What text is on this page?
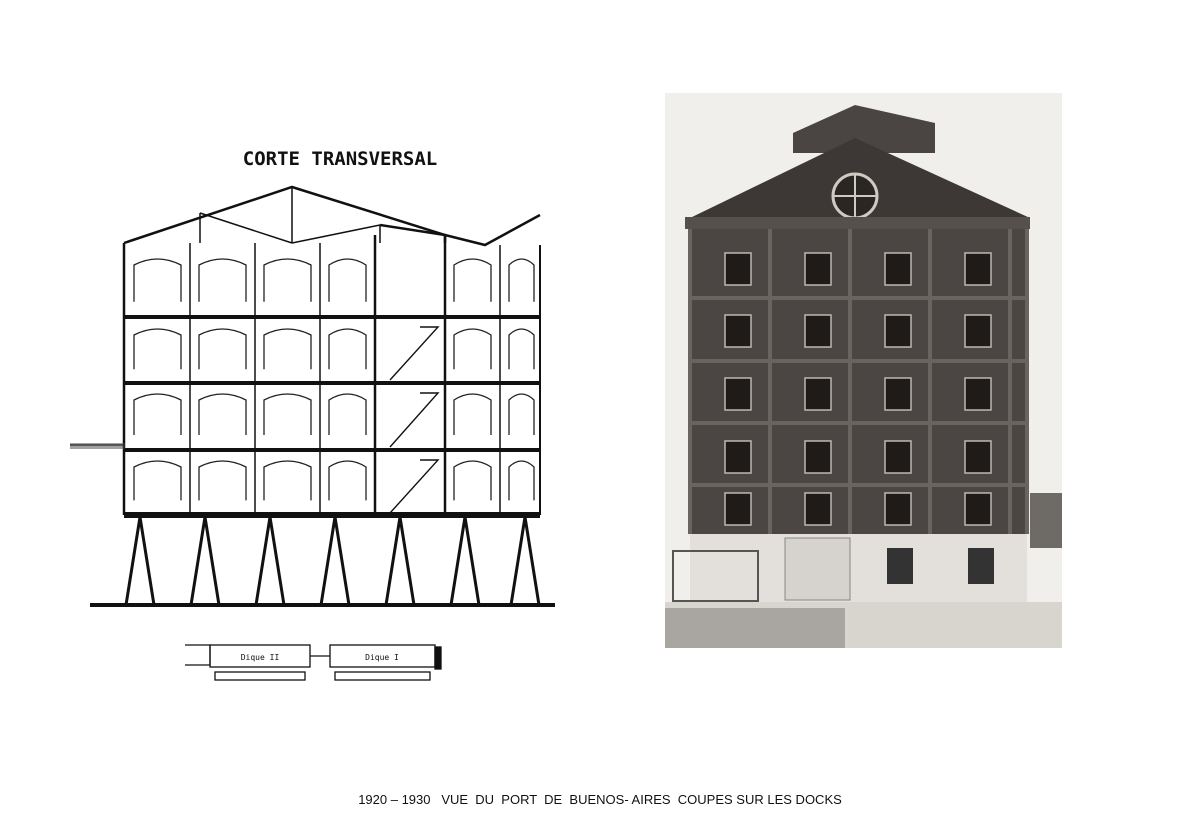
CORTE TRANSVERSAL
Dique II	Dique I
1920 – 1930   VUE  DU  PORT  DE  BUENOS- AIRES  COUPES SUR LES DOCKS
